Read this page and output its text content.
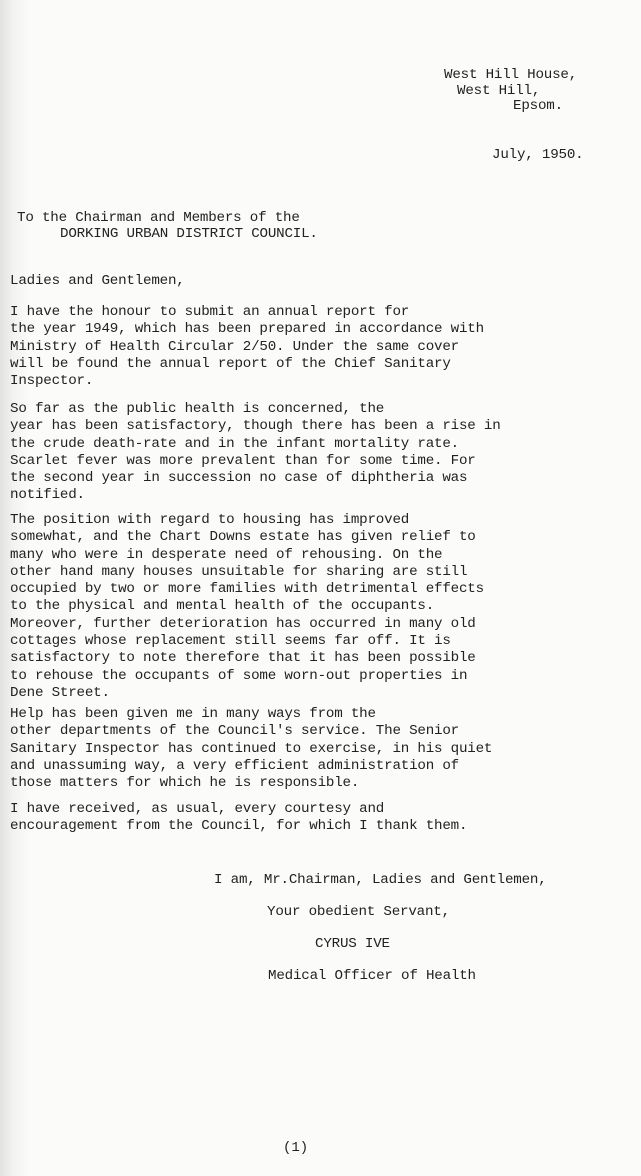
West Hill House,
West Hill,
Epsom.
July, 1950.
To the Chairman and Members of the
DORKING URBAN DISTRICT COUNCIL.
Ladies and Gentlemen,
I have the honour to submit an annual report for
the year 1949, which has been prepared in accordance with
Ministry of Health Circular 2/50. Under the same cover
will be found the annual report of the Chief Sanitary
Inspector.
So far as the public health is concerned, the
year has been satisfactory, though there has been a rise in
the crude death-rate and in the infant mortality rate.
Scarlet fever was more prevalent than for some time. For
the second year in succession no case of diphtheria was
notified.
The position with regard to housing has improved
somewhat, and the Chart Downs estate has given relief to
many who were in desperate need of rehousing. On the
other hand many houses unsuitable for sharing are still
occupied by two or more families with detrimental effects
to the physical and mental health of the occupants.
Moreover, further deterioration has occurred in many old
cottages whose replacement still seems far off. It is
satisfactory to note therefore that it has been possible
to rehouse the occupants of some worn-out properties in
Dene Street.
Help has been given me in many ways from the
other departments of the Council's service. The Senior
Sanitary Inspector has continued to exercise, in his quiet
and unassuming way, a very efficient administration of
those matters for which he is responsible.
I have received, as usual, every courtesy and
encouragement from the Council, for which I thank them.
I am, Mr.Chairman, Ladies and Gentlemen,
Your obedient Servant,
CYRUS IVE
Medical Officer of Health
(1)
